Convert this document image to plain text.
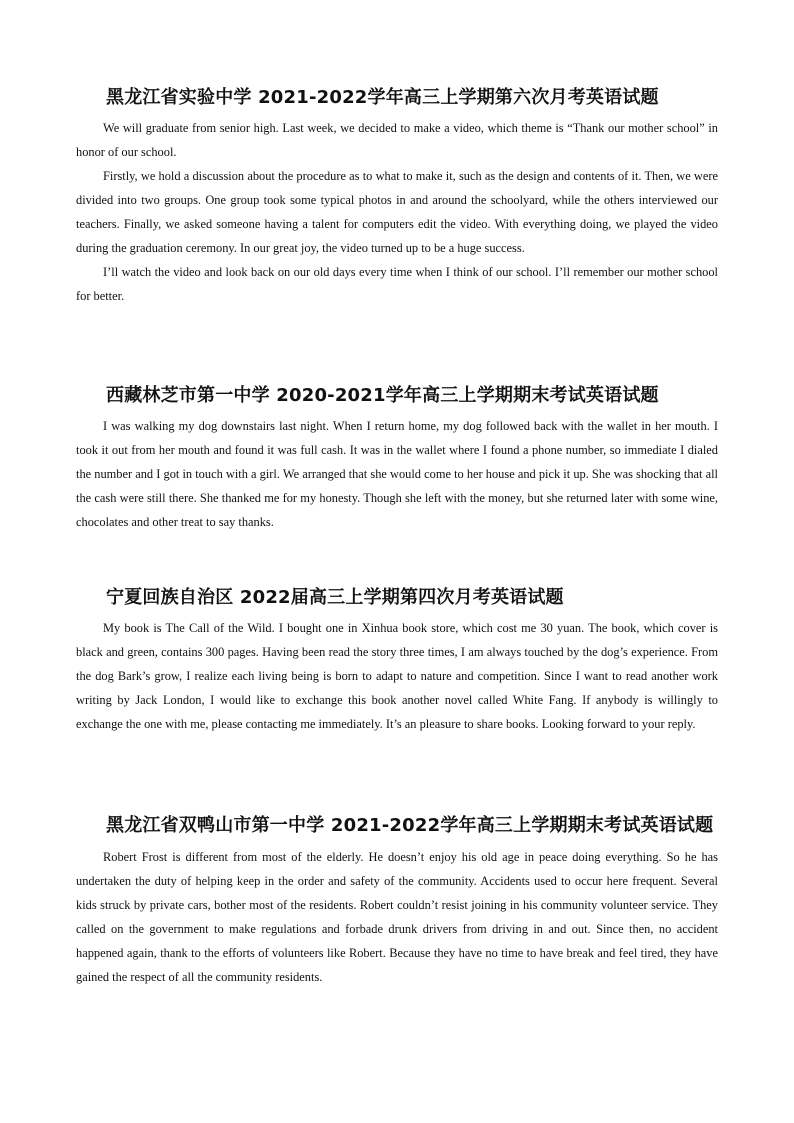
黑龙江省实验中学 2021-2022学年高三上学期第六次月考英语试题

We will graduate from senior high. Last week, we decided to make a video, which theme is “Thank our mother school” in honor of our school.

Firstly, we hold a discussion about the procedure as to what to make it, such as the design and contents of it. Then, we were divided into two groups. One group took some typical photos in and around the schoolyard, while the others interviewed our teachers. Finally, we asked someone having a talent for computers edit the video. With everything doing, we played the video during the graduation ceremony. In our great joy, the video turned up to be a huge success.

I’ll watch the video and look back on our old days every time when I think of our school. I’ll remember our mother school for better.

西藏林芝市第一中学 2020-2021学年高三上学期期末考试英语试题

I was walking my dog downstairs last night. When I return home, my dog followed back with the wallet in her mouth. I took it out from her mouth and found it was full cash. It was in the wallet where I found a phone number, so immediate I dialed the number and I got in touch with a girl. We arranged that she would come to her house and pick it up. She was shocking that all the cash were still there. She thanked me for my honesty. Though she left with the money, but she returned later with some wine, chocolates and other treat to say thanks.

宁夏回族自治区 2022届高三上学期第四次月考英语试题

My book is The Call of the Wild. I bought one in Xinhua book store, which cost me 30 yuan. The book, which cover is black and green, contains 300 pages. Having been read the story three times, I am always touched by the dog’s experience. From the dog Bark’s grow, I realize each living being is born to adapt to nature and competition. Since I want to read another work writing by Jack London, I would like to exchange this book another novel called White Fang. If anybody is willingly to exchange the one with me, please contacting me immediately. It’s an pleasure to share books. Looking forward to your reply.

黑龙江省双鸭山市第一中学 2021-2022学年高三上学期期末考试英语试题

Robert Frost is different from most of the elderly. He doesn’t enjoy his old age in peace doing everything. So he has undertaken the duty of helping keep in the order and safety of the community. Accidents used to occur here frequent. Several kids struck by private cars, bother most of the residents. Robert couldn’t resist joining in his community volunteer service. They called on the government to make regulations and forbade drunk drivers from driving in and out. Since then, no accident happened again, thank to the efforts of volunteers like Robert. Because they have no time to have break and feel tired, they have gained the respect of all the community residents.
